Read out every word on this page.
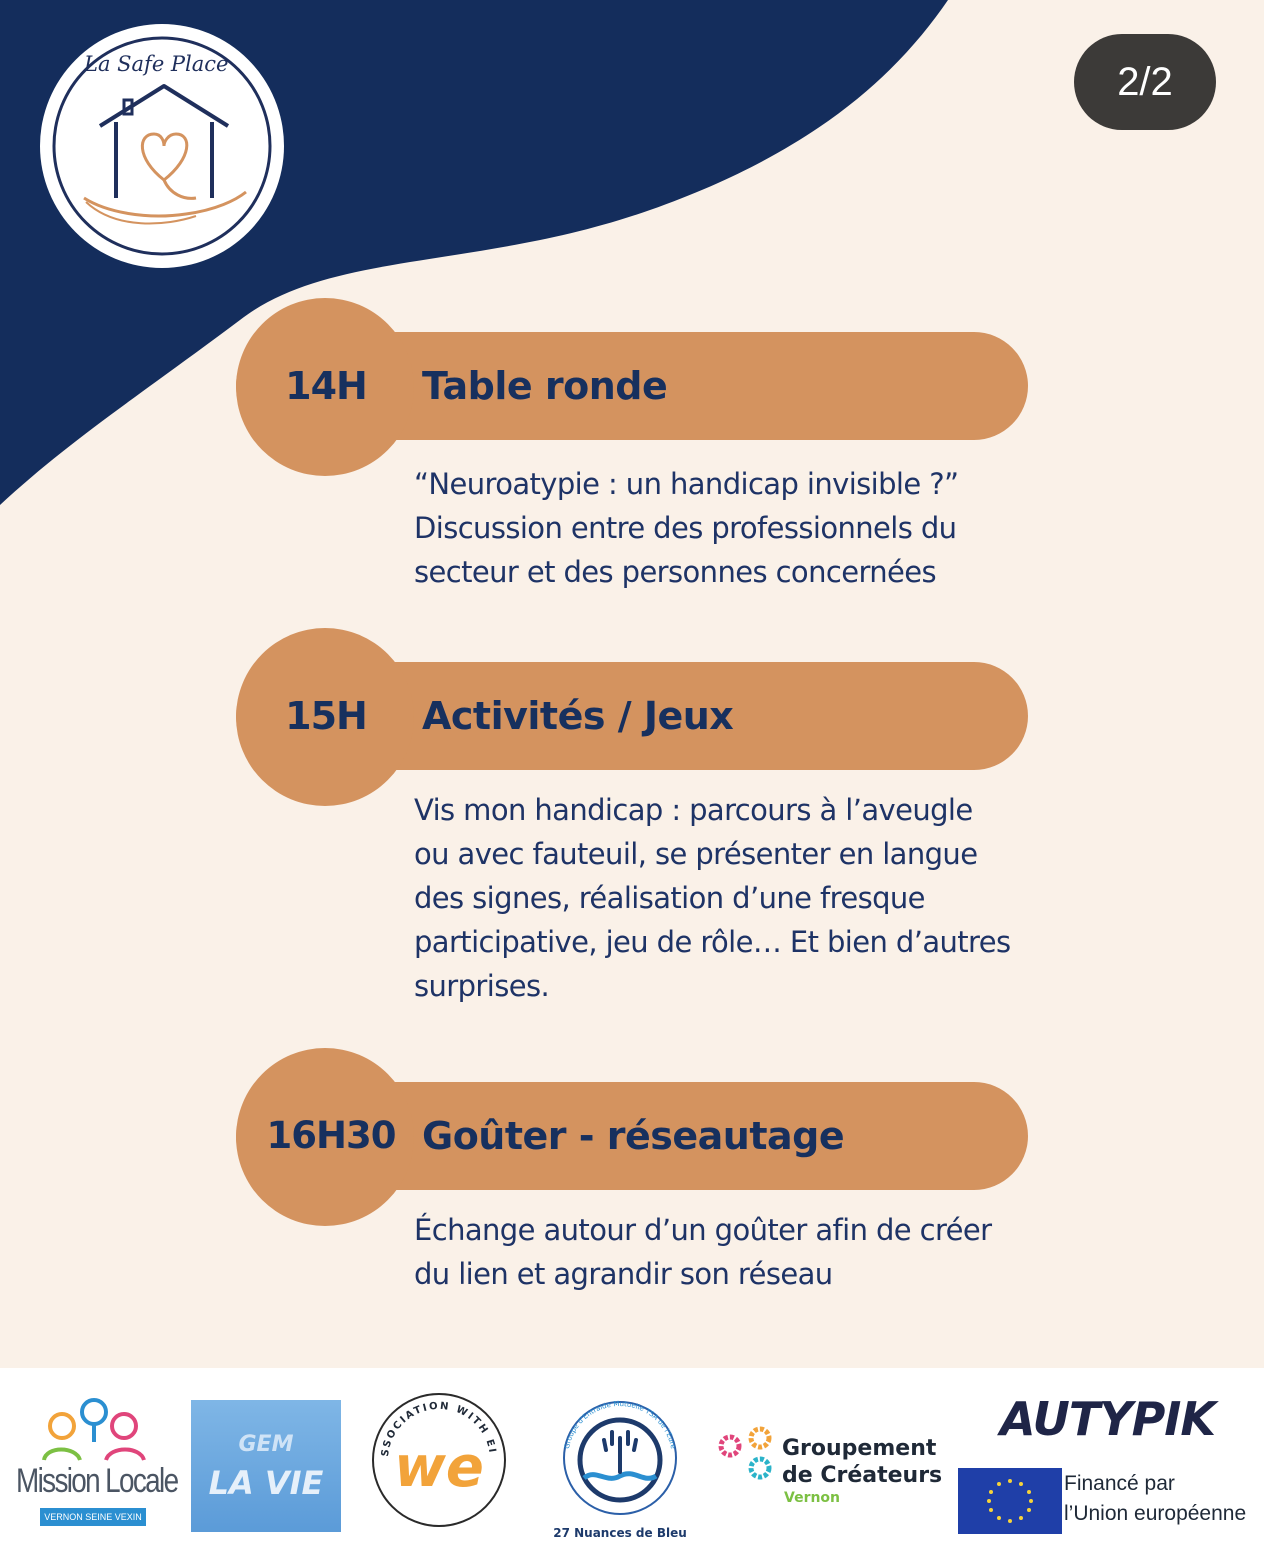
La Safe Place	2/2
14H	Table ronde
“Neuroatypie : un handicap invisible ?” Discussion entre des professionnels du secteur et des personnes concernées
15H	Activités / Jeux
Vis mon handicap : parcours à l’aveugle ou avec fauteuil, se présenter en langue des signes, réalisation d’une fresque participative, jeu de rôle… Et bien d’autres surprises.
16H30 Goûter - réseautage
Échange autour d’un goûter afin de créer du lien et agrandir son réseau
Mission Locale
VERNON SEINE VEXIN
GEM
LA VIE
SSOCIATION WITH EI
we	Groupe d'Entraide Mutuelle TSA de l'Eure
27 Nuances de Bleu
Groupement
de Créateurs
Vernon
AUTYPIK
Financé par
l’Union européenne
